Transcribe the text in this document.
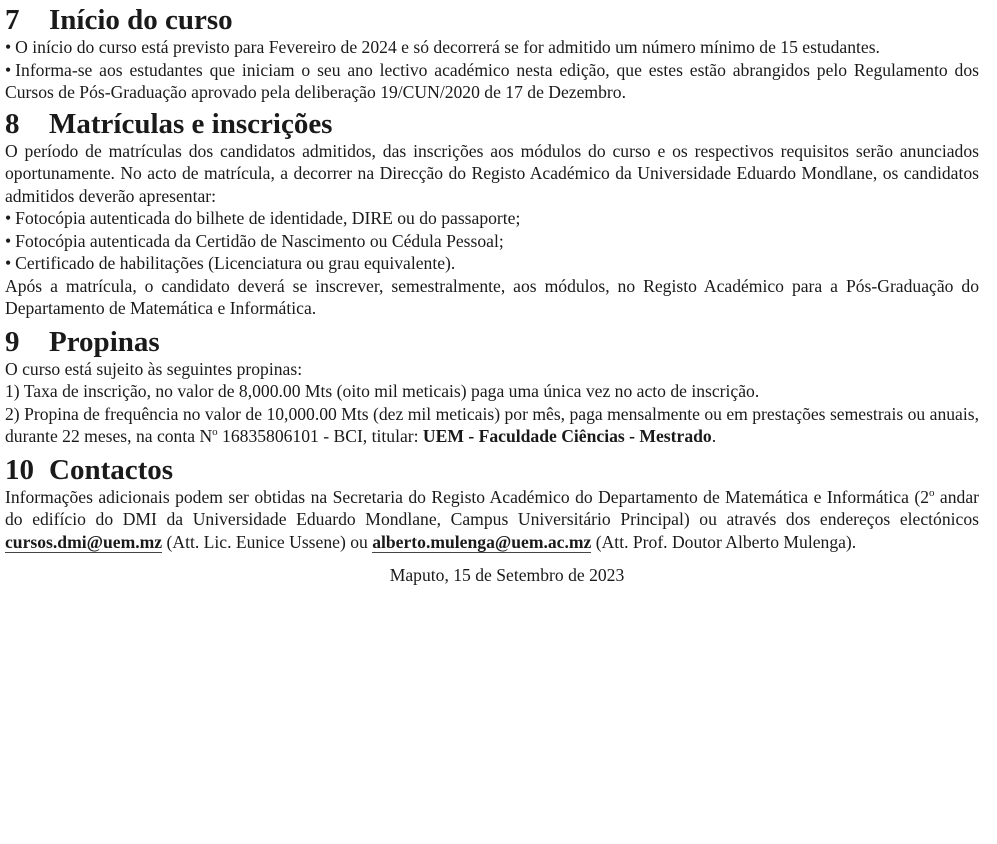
7 Início do curso

• O início do curso está previsto para Fevereiro de 2024 e só decorrerá se for admitido um número mínimo de 15 estudantes.

• Informa-se aos estudantes que iniciam o seu ano lectivo académico nesta edição, que estes estão abrangidos pelo Regulamento dos Cursos de Pós-Graduação aprovado pela deliberação 19/CUN/2020 de 17 de Dezembro.

8 Matrículas e inscrições

O período de matrículas dos candidatos admitidos, das inscrições aos módulos do curso e os respectivos requisitos serão anunciados oportunamente. No acto de matrícula, a decorrer na Direcção do Registo Académico da Universidade Eduardo Mondlane, os candidatos admitidos deverão apresentar:

• Fotocópia autenticada do bilhete de identidade, DIRE ou do passaporte;

• Fotocópia autenticada da Certidão de Nascimento ou Cédula Pessoal;

• Certificado de habilitações (Licenciatura ou grau equivalente).

Após a matrícula, o candidato deverá se inscrever, semestralmente, aos módulos, no Registo Académico para a Pós-Graduação do Departamento de Matemática e Informática.

9 Propinas

O curso está sujeito às seguintes propinas:

1) Taxa de inscrição, no valor de 8,000.00 Mts (oito mil meticais) paga uma única vez no acto de inscrição.

2) Propina de frequência no valor de 10,000.00 Mts (dez mil meticais) por mês, paga mensalmente ou em prestações semestrais ou anuais, durante 22 meses, na conta $N^o$ 16835806101 - BCI, titular: UEM - Faculdade Ciências - Mestrado.

10 Contactos

Informações adicionais podem ser obtidas na Secretaria do Registo Académico do Departamento de Matemática e Informática (2$^o$ andar do edifício do DMI da Universidade Eduardo Mondlane, Campus Universitário Principal) ou através dos endereços electónicos cursos.dmi@uem.mz (Att. Lic. Eunice Ussene) ou alberto.mulenga@uem.ac.mz (Att. Prof. Doutor Alberto Mulenga).

Maputo, 15 de Setembro de 2023
